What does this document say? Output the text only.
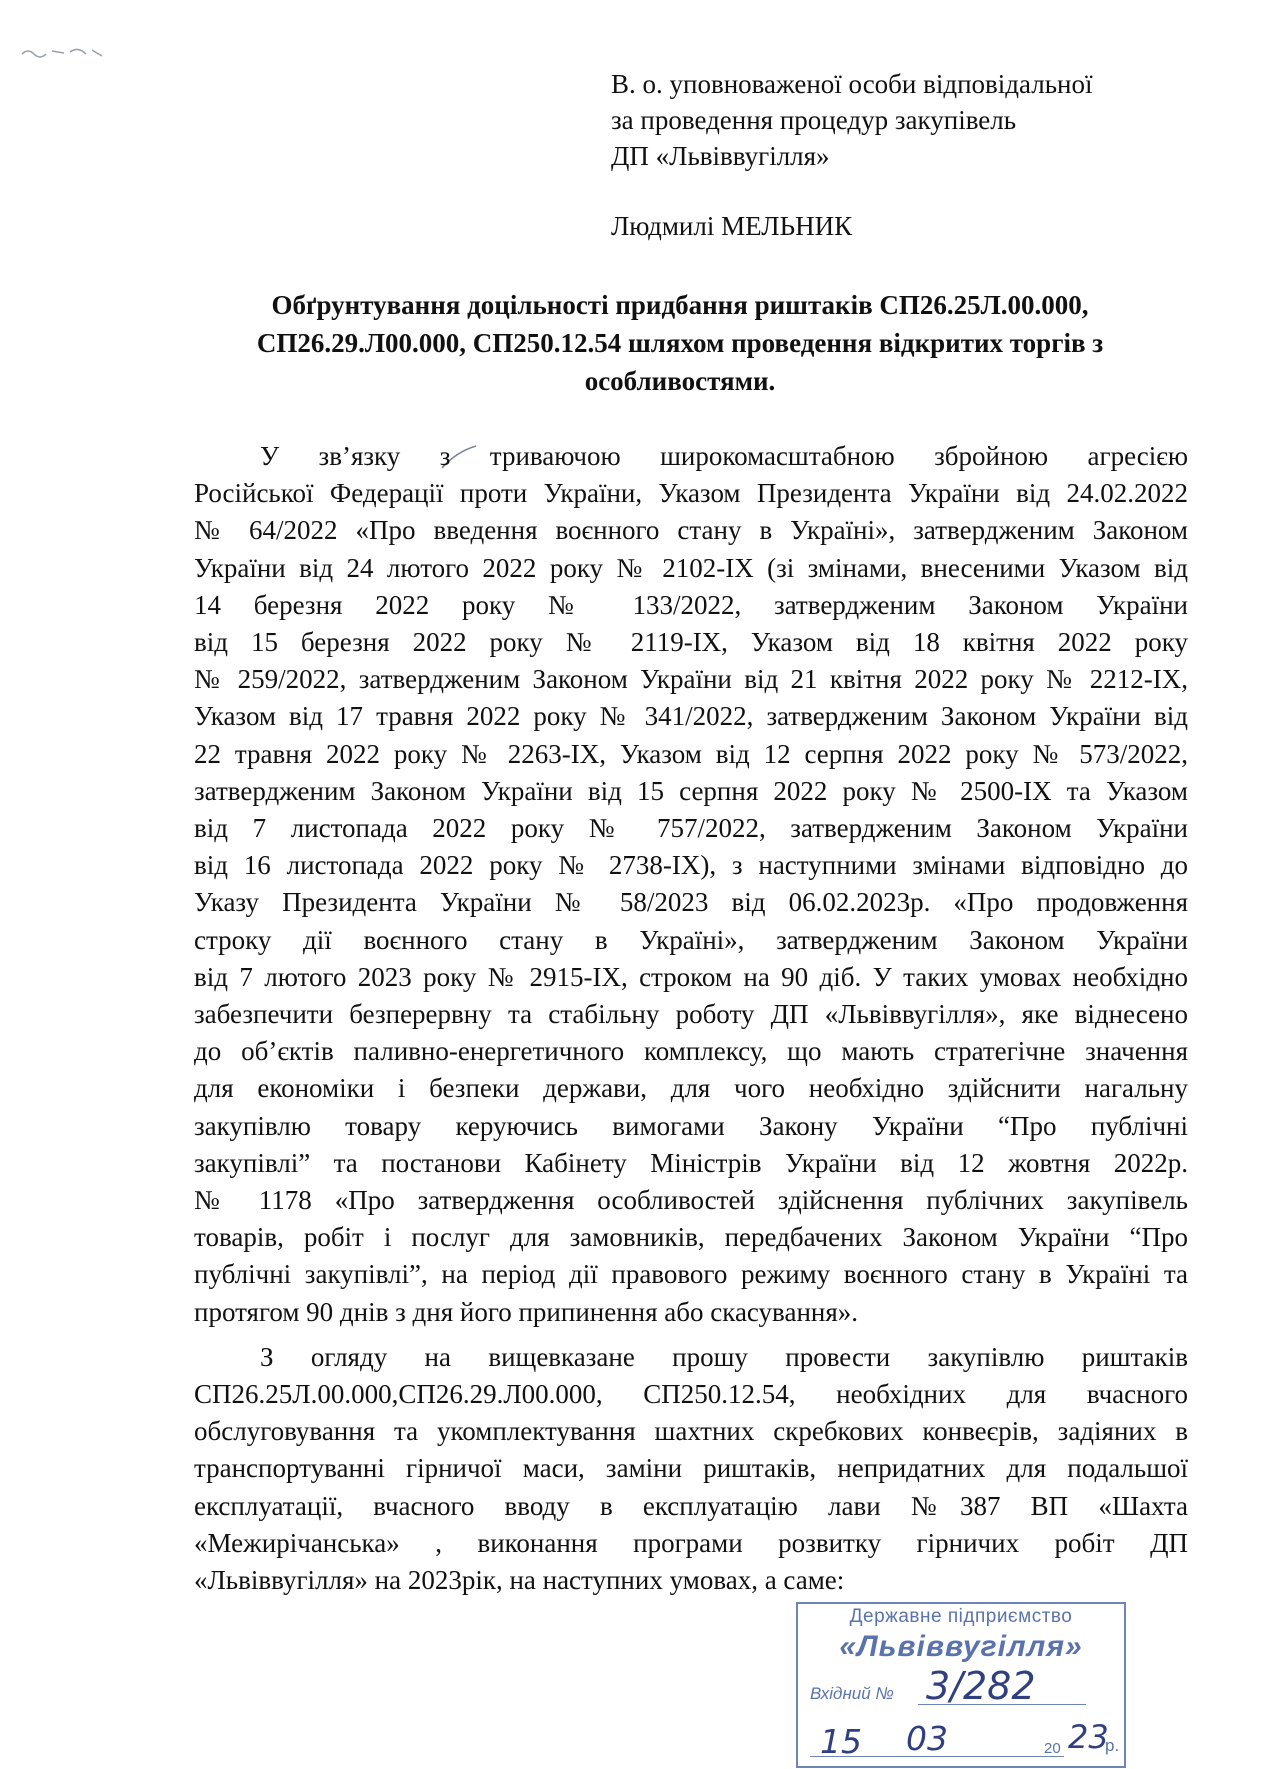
В. о. уповноваженої особи відповідальної
за проведення процедур закупівель
ДП «Львіввугілля»
Людмилі МЕЛЬНИК
Обґрунтування доцільності придбання риштаків СП26.25Л.00.000,
СП26.29.Л00.000, СП250.12.54 шляхом проведення відкритих торгів з
особливостями.
У зв’язку з триваючою широкомасштабною збройною агресією
Російської Федерації проти України, Указом Президента України від 24.02.2022
№ 64/2022 «Про введення воєнного стану в Україні», затвердженим Законом
України від 24 лютого 2022 року № 2102-IX (зі змінами, внесеними Указом від
14 березня 2022 року № 133/2022, затвердженим Законом України
від 15 березня 2022 року № 2119-IX, Указом від 18 квітня 2022 року
№ 259/2022, затвердженим Законом України від 21 квітня 2022 року № 2212-IX,
Указом від 17 травня 2022 року № 341/2022, затвердженим Законом України від
22 травня 2022 року № 2263-IX, Указом від 12 серпня 2022 року № 573/2022,
затвердженим Законом України від 15 серпня 2022 року № 2500-IX та Указом
від 7 листопада 2022 року № 757/2022, затвердженим Законом України
від 16 листопада 2022 року № 2738-IX), з наступними змінами відповідно до
Указу Президента України № 58/2023 від 06.02.2023р. «Про продовження
строку дії воєнного стану в Україні», затвердженим Законом України
від 7 лютого 2023 року № 2915-IX, строком на 90 діб. У таких умовах необхідно
забезпечити безперервну та стабільну роботу ДП «Львіввугілля», яке віднесено
до об’єктів паливно-енергетичного комплексу, що мають стратегічне значення
для економіки і безпеки держави, для чого необхідно здійснити нагальну
закупівлю товару керуючись вимогами Закону України “Про публічні
закупівлі” та постанови Кабінету Міністрів України від 12 жовтня 2022р.
№ 1178 «Про затвердження особливостей здійснення публічних закупівель
товарів, робіт і послуг для замовників, передбачених Законом України “Про
публічні закупівлі”, на період дії правового режиму воєнного стану в Україні та
протягом 90 днів з дня його припинення або скасування».
З огляду на вищевказане прошу провести закупівлю риштаків
СП26.25Л.00.000,СП26.29.Л00.000, СП250.12.54, необхідних для вчасного
обслуговування та укомплектування шахтних скребкових конвеєрів, задіяних в
транспортуванні гірничої маси, заміни риштаків, непридатних для подальшої
експлуатації, вчасного вводу в експлуатацію лави №387 ВП «Шахта
«Межирічанська» , виконання програми розвитку гірничих робіт ДП
«Львіввугілля» на 2023рік, на наступних умовах, а саме:
Державне підприємство
«Львіввугілля»
Вхідний № 3/282
15 03	20 23
р.
